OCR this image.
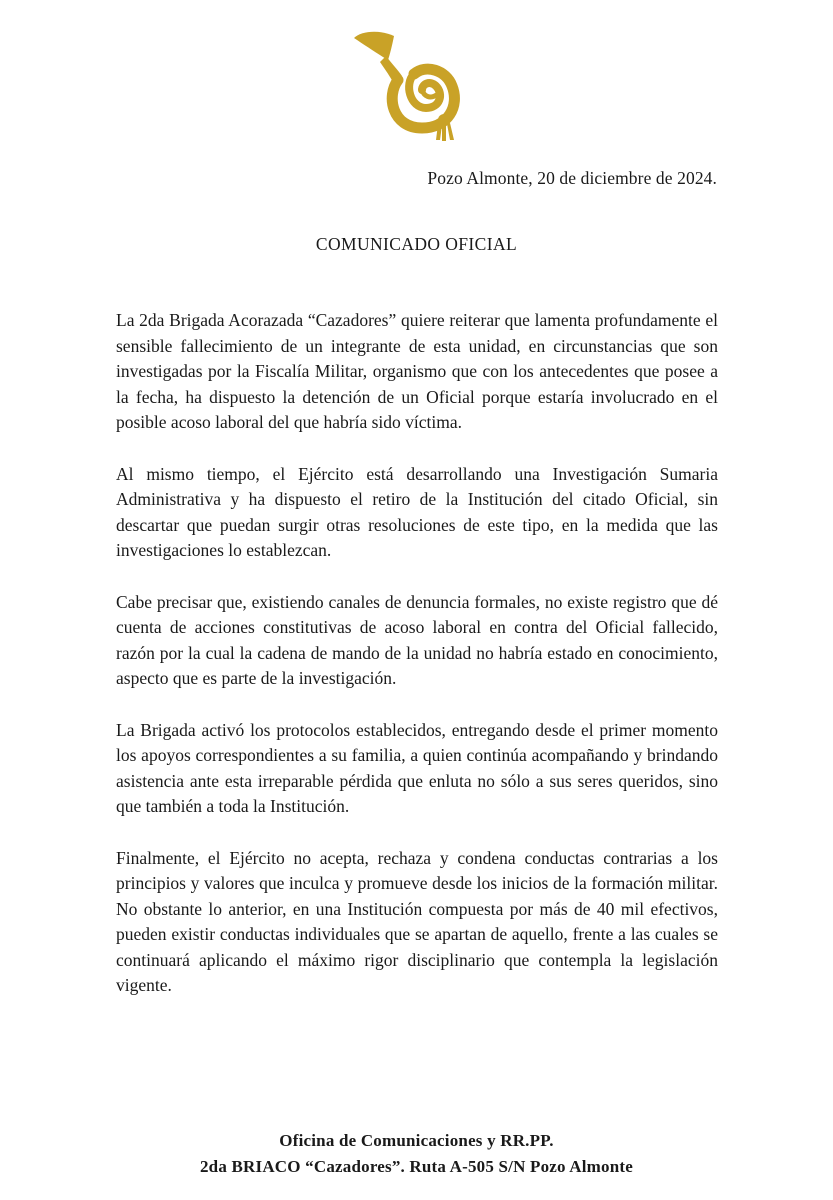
Pozo Almonte, 20 de diciembre de 2024.
COMUNICADO OFICIAL

La 2da Brigada Acorazada “Cazadores” quiere reiterar que lamenta profundamente el sensible fallecimiento de un integrante de esta unidad, en circunstancias que son investigadas por la Fiscalía Militar, organismo que con los antecedentes que posee a la fecha, ha dispuesto la detención de un Oficial porque estaría involucrado en el posible acoso laboral del que habría sido víctima.

Al mismo tiempo, el Ejército está desarrollando una Investigación Sumaria Administrativa y ha dispuesto el retiro de la Institución del citado Oficial, sin descartar que puedan surgir otras resoluciones de este tipo, en la medida que las investigaciones lo establezcan.

Cabe precisar que, existiendo canales de denuncia formales, no existe registro que dé cuenta de acciones constitutivas de acoso laboral en contra del Oficial fallecido, razón por la cual la cadena de mando de la unidad no habría estado en conocimiento, aspecto que es parte de la investigación.

La Brigada activó los protocolos establecidos, entregando desde el primer momento los apoyos correspondientes a su familia, a quien continúa acompañando y brindando asistencia ante esta irreparable pérdida que enluta no sólo a sus seres queridos, sino que también a toda la Institución.

Finalmente, el Ejército no acepta, rechaza y condena conductas contrarias a los principios y valores que inculca y promueve desde los inicios de la formación militar. No obstante lo anterior, en una Institución compuesta por más de 40 mil efectivos, pueden existir conductas individuales que se apartan de aquello, frente a las cuales se continuará aplicando el máximo rigor disciplinario que contempla la legislación vigente.

Oficina de Comunicaciones y RR.PP.
2da BRIACO “Cazadores”. Ruta A-505 S/N Pozo Almonte
